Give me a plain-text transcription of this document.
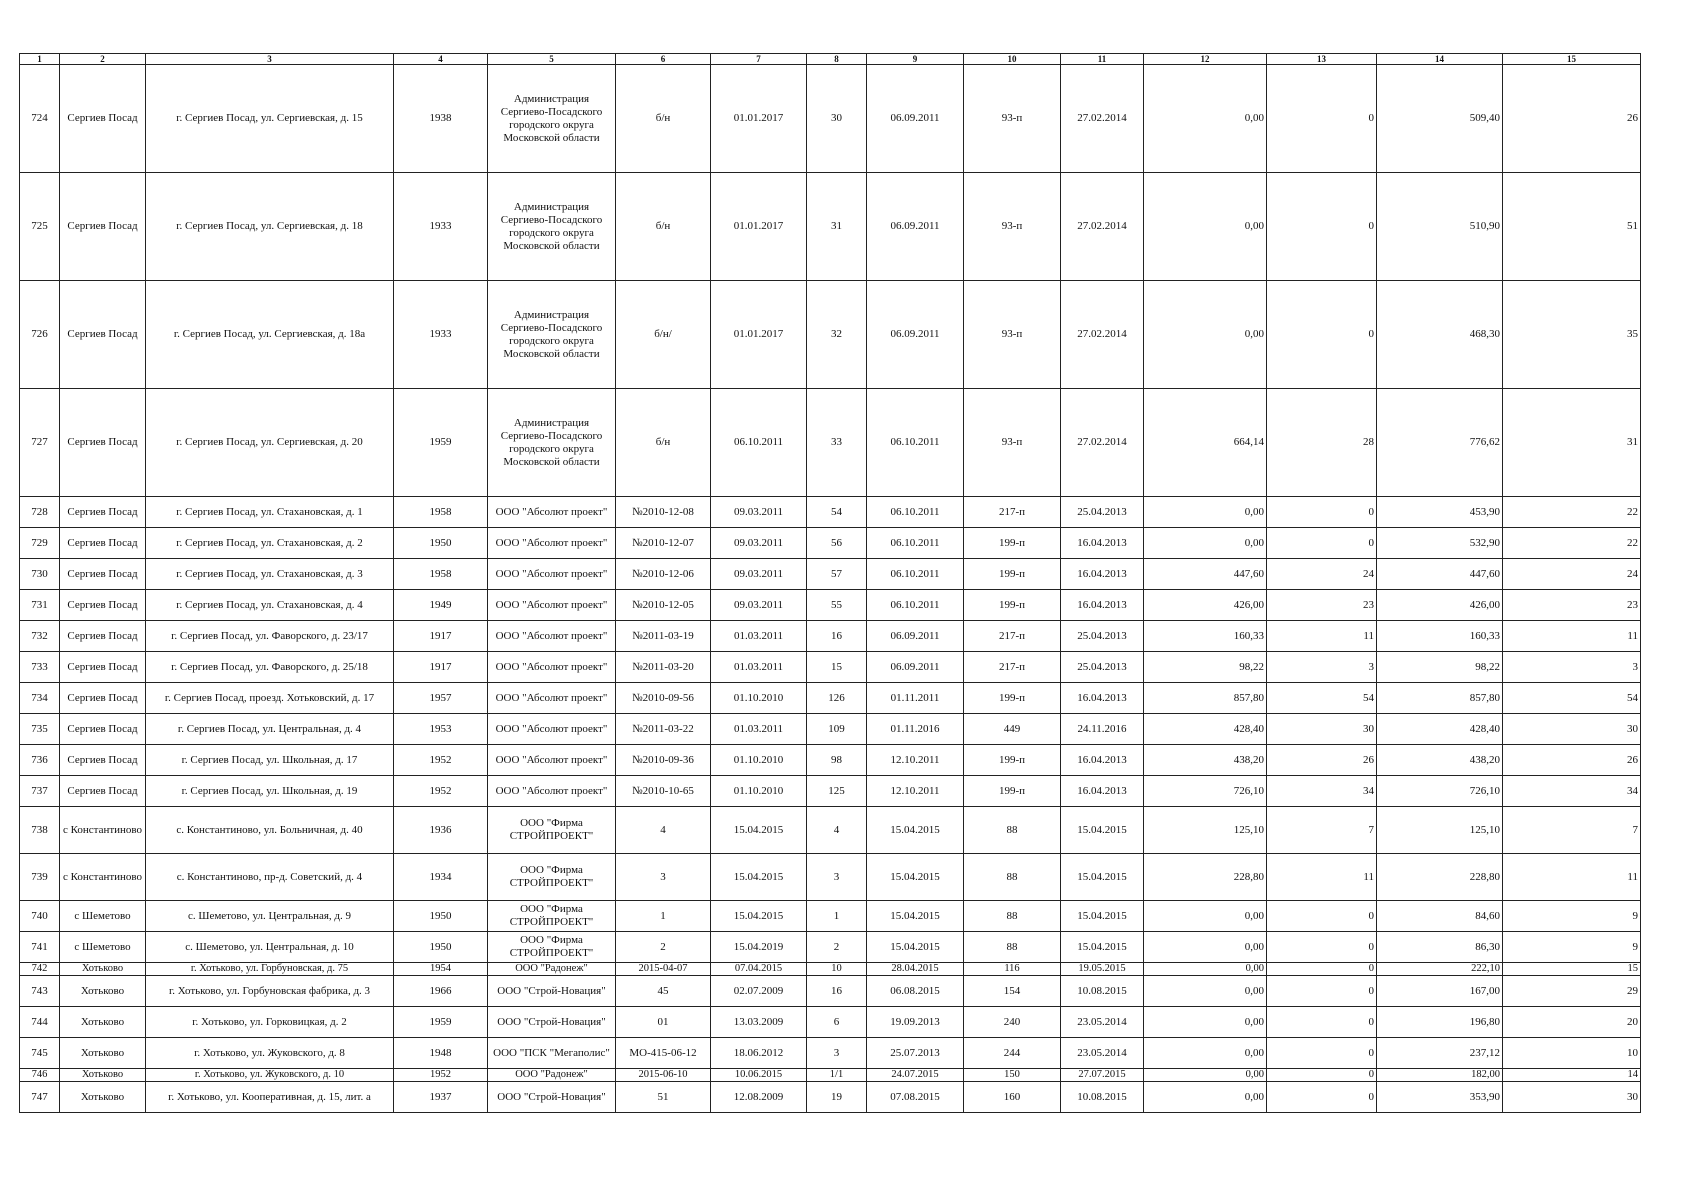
1	2	3	4	5	6	7	8	9	10	11	12	13	14	15
724	Сергиев Посад	г. Сергиев Посад, ул. Сергиевская, д. 15	1938	Администрация Сергиево-Посадского городского округа Московской области	б/н	01.01.2017	30	06.09.2011	93-п	27.02.2014	0,00	0	509,40	26
725	Сергиев Посад	г. Сергиев Посад, ул. Сергиевская, д. 18	1933	Администрация Сергиево-Посадского городского округа Московской области	б/н	01.01.2017	31	06.09.2011	93-п	27.02.2014	0,00	0	510,90	51
726	Сергиев Посад	г. Сергиев Посад, ул. Сергиевская, д. 18а	1933	Администрация Сергиево-Посадского городского округа Московской области	б/н/	01.01.2017	32	06.09.2011	93-п	27.02.2014	0,00	0	468,30	35
727	Сергиев Посад	г. Сергиев Посад, ул. Сергиевская, д. 20	1959	Администрация Сергиево-Посадского городского округа Московской области	б/н	06.10.2011	33	06.10.2011	93-п	27.02.2014	664,14	28	776,62	31
728	Сергиев Посад	г. Сергиев Посад, ул. Стахановская, д. 1	1958	ООО "Абсолют проект"	№2010-12-08	09.03.2011	54	06.10.2011	217-п	25.04.2013	0,00	0	453,90	22
729	Сергиев Посад	г. Сергиев Посад, ул. Стахановская, д. 2	1950	ООО "Абсолют проект"	№2010-12-07	09.03.2011	56	06.10.2011	199-п	16.04.2013	0,00	0	532,90	22
730	Сергиев Посад	г. Сергиев Посад, ул. Стахановская, д. 3	1958	ООО "Абсолют проект"	№2010-12-06	09.03.2011	57	06.10.2011	199-п	16.04.2013	447,60	24	447,60	24
731	Сергиев Посад	г. Сергиев Посад, ул. Стахановская, д. 4	1949	ООО "Абсолют проект"	№2010-12-05	09.03.2011	55	06.10.2011	199-п	16.04.2013	426,00	23	426,00	23
732	Сергиев Посад	г. Сергиев Посад, ул. Фаворского, д. 23/17	1917	ООО "Абсолют проект"	№2011-03-19	01.03.2011	16	06.09.2011	217-п	25.04.2013	160,33	11	160,33	11
733	Сергиев Посад	г. Сергиев Посад, ул. Фаворского, д. 25/18	1917	ООО "Абсолют проект"	№2011-03-20	01.03.2011	15	06.09.2011	217-п	25.04.2013	98,22	3	98,22	3
734	Сергиев Посад	г. Сергиев Посад, проезд. Хотьковский, д. 17	1957	ООО "Абсолют проект"	№2010-09-56	01.10.2010	126	01.11.2011	199-п	16.04.2013	857,80	54	857,80	54
735	Сергиев Посад	г. Сергиев Посад, ул. Центральная, д. 4	1953	ООО "Абсолют проект"	№2011-03-22	01.03.2011	109	01.11.2016	449	24.11.2016	428,40	30	428,40	30
736	Сергиев Посад	г. Сергиев Посад, ул. Школьная, д. 17	1952	ООО "Абсолют проект"	№2010-09-36	01.10.2010	98	12.10.2011	199-п	16.04.2013	438,20	26	438,20	26
737	Сергиев Посад	г. Сергиев Посад, ул. Школьная, д. 19	1952	ООО "Абсолют проект"	№2010-10-65	01.10.2010	125	12.10.2011	199-п	16.04.2013	726,10	34	726,10	34
738	с Константиново	с. Константиново, ул. Больничная, д. 40	1936	ООО "Фирма СТРОЙПРОЕКТ"	4	15.04.2015	4	15.04.2015	88	15.04.2015	125,10	7	125,10	7
739	с Константиново	с. Константиново, пр-д. Советский, д. 4	1934	ООО "Фирма СТРОЙПРОЕКТ"	3	15.04.2015	3	15.04.2015	88	15.04.2015	228,80	11	228,80	11
740	с Шеметово	с. Шеметово, ул. Центральная, д. 9	1950	ООО "Фирма СТРОЙПРОЕКТ"	1	15.04.2015	1	15.04.2015	88	15.04.2015	0,00	0	84,60	9
741	с Шеметово	с. Шеметово, ул. Центральная, д. 10	1950	ООО "Фирма СТРОЙПРОЕКТ"	2	15.04.2019	2	15.04.2015	88	15.04.2015	0,00	0	86,30	9
742	Хотьково	г. Хотьково, ул. Горбуновская, д. 75	1954	ООО "Радонеж"	2015-04-07	07.04.2015	10	28.04.2015	116	19.05.2015	0,00	0	222,10	15
743	Хотьково	г. Хотьково, ул. Горбуновская фабрика, д. 3	1966	ООО "Строй-Новация"	45	02.07.2009	16	06.08.2015	154	10.08.2015	0,00	0	167,00	29
744	Хотьково	г. Хотьково, ул. Горковицкая, д. 2	1959	ООО "Строй-Новация"	01	13.03.2009	6	19.09.2013	240	23.05.2014	0,00	0	196,80	20
745	Хотьково	г. Хотьково, ул. Жуковского, д. 8	1948	ООО "ПСК "Мегаполис"	МО-415-06-12	18.06.2012	3	25.07.2013	244	23.05.2014	0,00	0	237,12	10
746	Хотьково	г. Хотьково, ул. Жуковского, д. 10	1952	ООО "Радонеж"	2015-06-10	10.06.2015	1/1	24.07.2015	150	27.07.2015	0,00	0	182,00	14
747	Хотьково	г. Хотьково, ул. Кооперативная, д. 15, лит. а	1937	ООО "Строй-Новация"	51	12.08.2009	19	07.08.2015	160	10.08.2015	0,00	0	353,90	30
